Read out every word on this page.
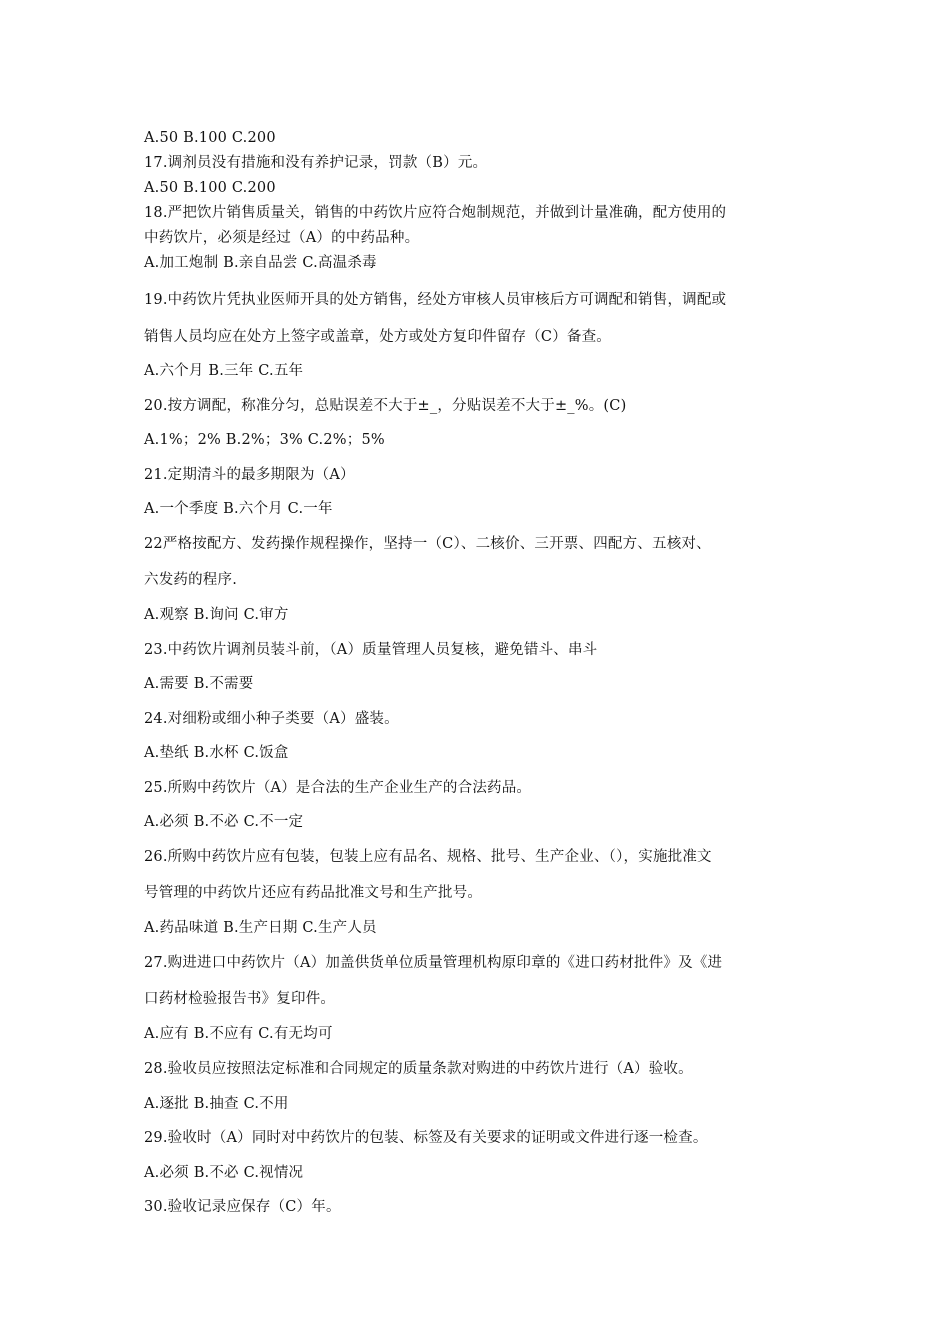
A.50 B.100 C.200
17.调剂员没有措施和没有养护记录，罚款（B）元。
A.50 B.100 C.200
18.严把饮片销售质量关，销售的中药饮片应符合炮制规范，并做到计量准确，配方使用的
中药饮片，必须是经过（A）的中药品种。
A.加工炮制 B.亲自品尝 C.高温杀毒
19.中药饮片凭执业医师开具的处方销售，经处方审核人员审核后方可调配和销售，调配或
销售人员均应在处方上签字或盖章，处方或处方复印件留存（C）备查。
A.六个月 B.三年 C.五年
20.按方调配，称准分匀，总贴误差不大于±_，分贴误差不大于±_%。(C)
A.1%；2% B.2%；3% C.2%；5%
21.定期清斗的最多期限为（A）
A.一个季度 B.六个月 C.一年
22严格按配方、发药操作规程操作，坚持一（C）、二核价、三开票、四配方、五核对、
六发药的程序.
A.观察 B.询问 C.审方
23.中药饮片调剂员装斗前，（A）质量管理人员复核，避免错斗、串斗
A.需要 B.不需要
24.对细粉或细小种子类要（A）盛装。
A.垫纸 B.水杯 C.饭盒
25.所购中药饮片（A）是合法的生产企业生产的合法药品。
A.必须 B.不必 C.不一定
26.所购中药饮片应有包装，包装上应有品名、规格、批号、生产企业、（），实施批准文
号管理的中药饮片还应有药品批准文号和生产批号。
A.药品味道 B.生产日期 C.生产人员
27.购进进口中药饮片（A）加盖供货单位质量管理机构原印章的《进口药材批件》及《进
口药材检验报告书》复印件。
A.应有 B.不应有 C.有无均可
28.验收员应按照法定标准和合同规定的质量条款对购进的中药饮片进行（A）验收。
A.逐批 B.抽查 C.不用
29.验收时（A）同时对中药饮片的包装、标签及有关要求的证明或文件进行逐一检查。
A.必须 B.不必 C.视情况
30.验收记录应保存（C）年。
